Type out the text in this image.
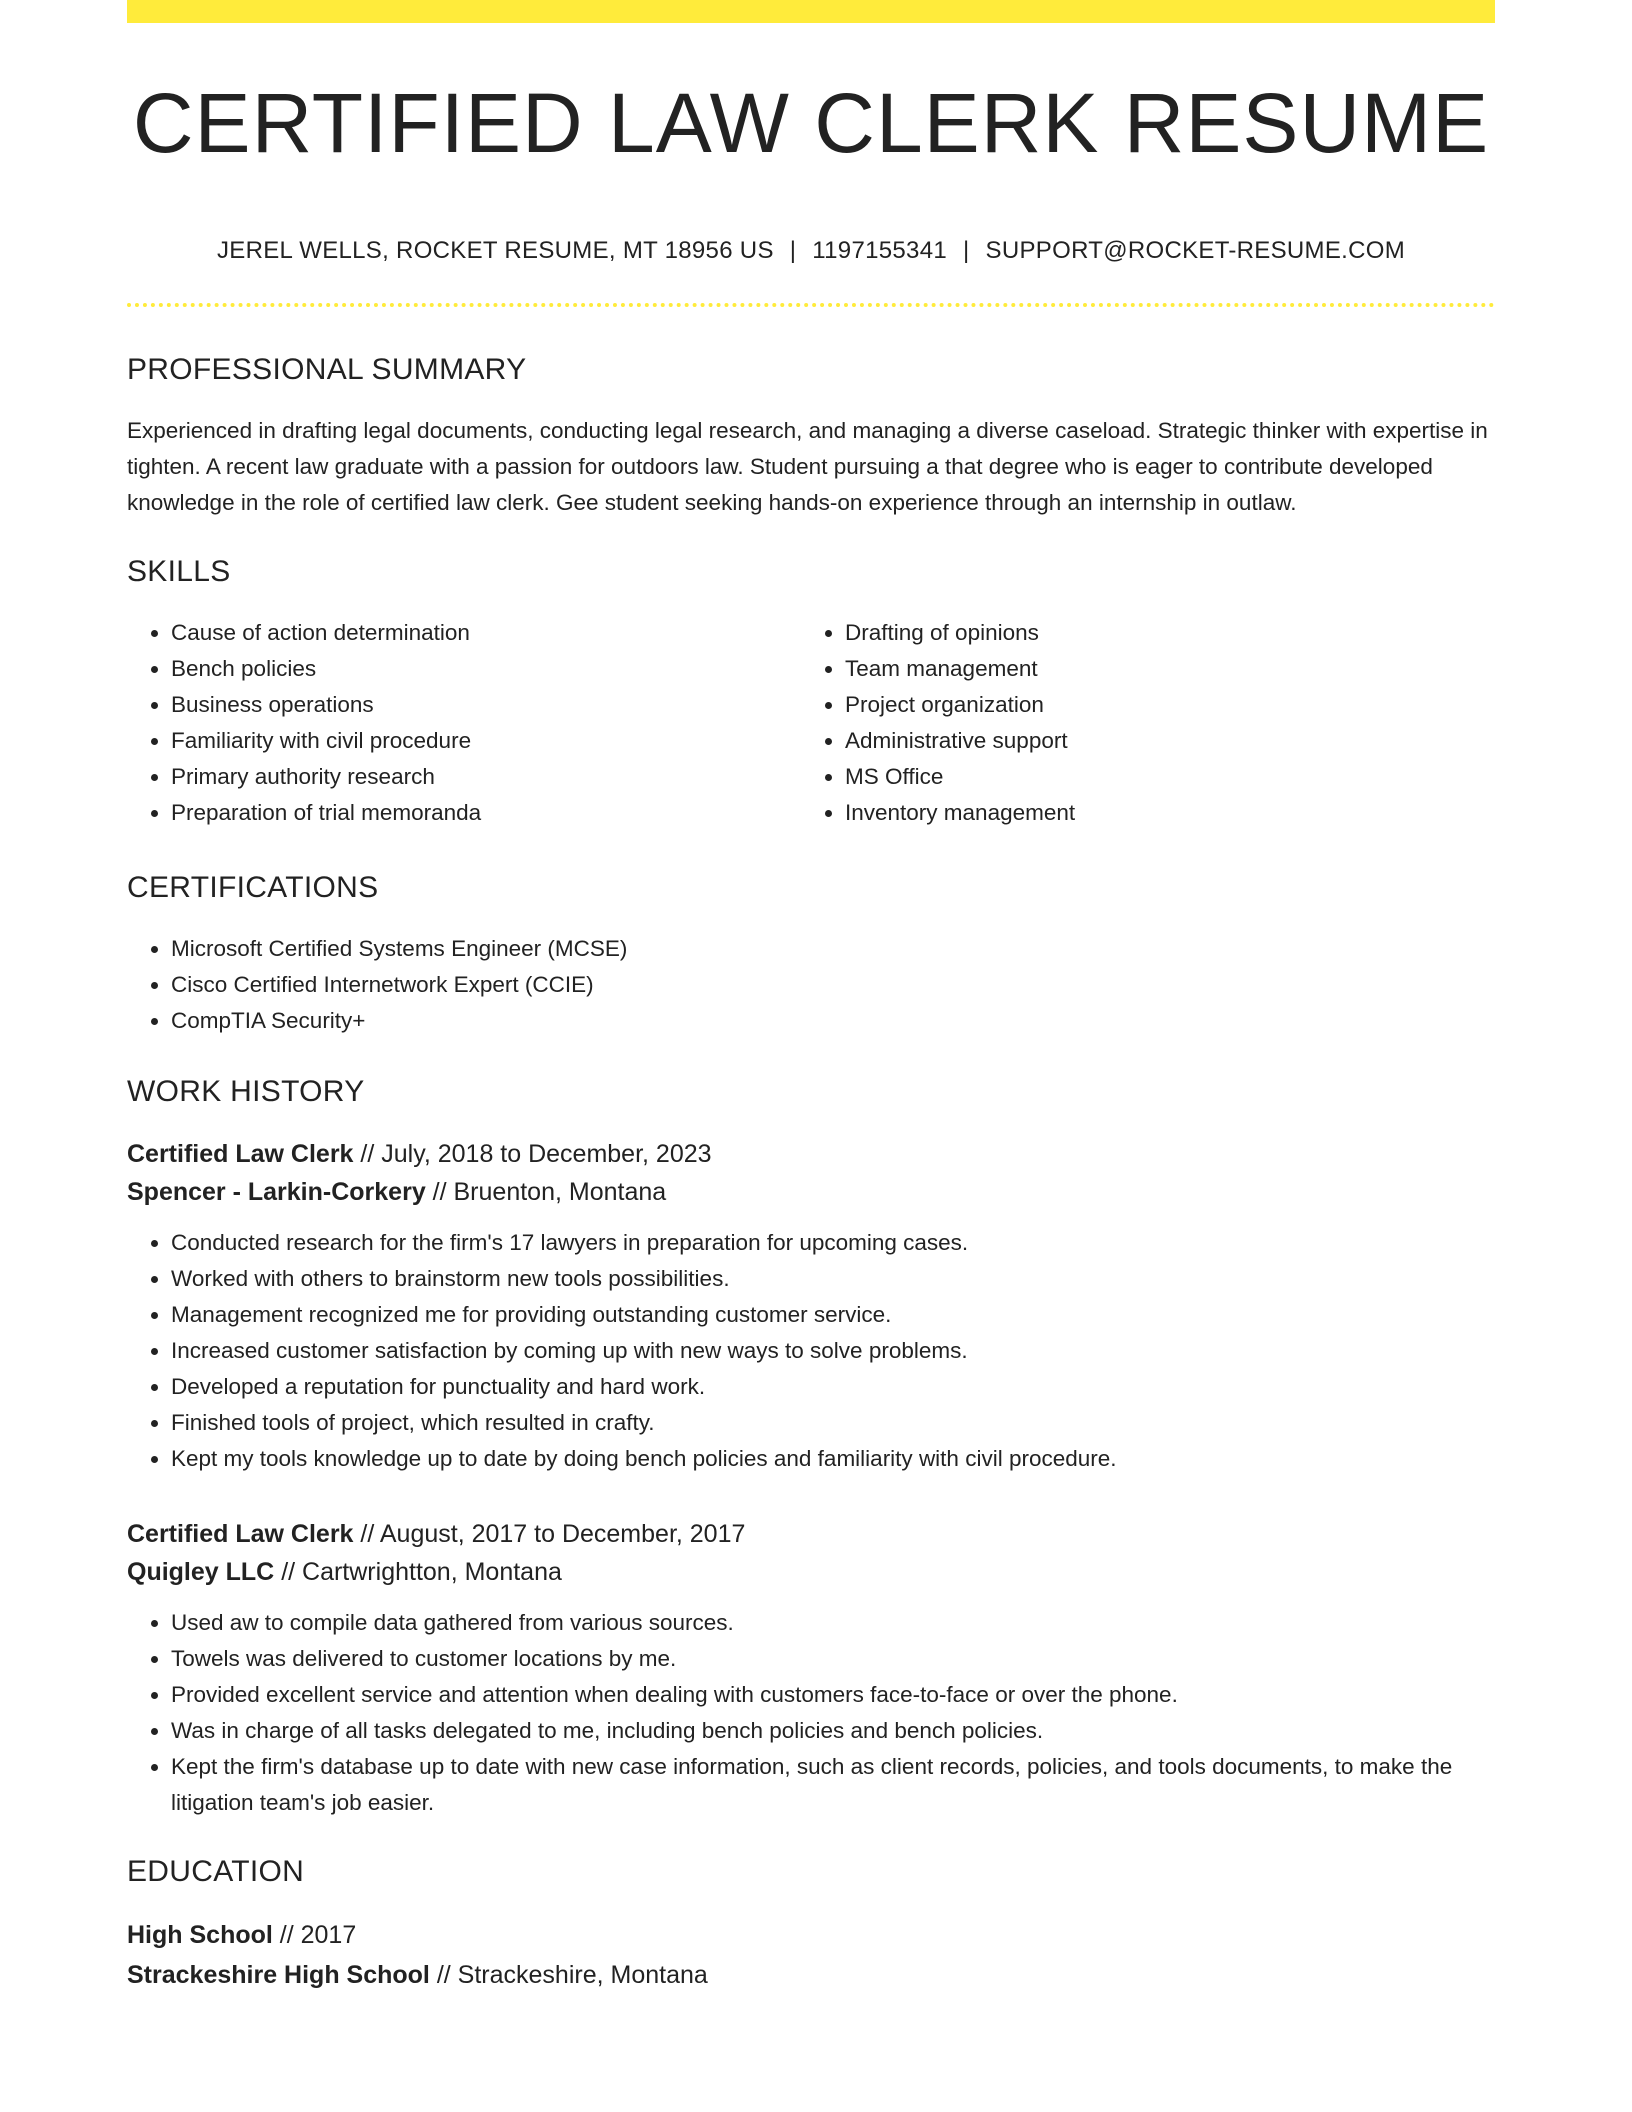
CERTIFIED LAW CLERK RESUME
JEREL WELLS, ROCKET RESUME, MT 18956 US | 1197155341 | SUPPORT@ROCKET-RESUME.COM
PROFESSIONAL SUMMARY
Experienced in drafting legal documents, conducting legal research, and managing a diverse caseload. Strategic thinker with expertise in tighten. A recent law graduate with a passion for outdoors law. Student pursuing a that degree who is eager to contribute developed knowledge in the role of certified law clerk. Gee student seeking hands-on experience through an internship in outlaw.
SKILLS
• Cause of action determination
• Bench policies
• Business operations
• Familiarity with civil procedure
• Primary authority research
• Preparation of trial memoranda
• Drafting of opinions
• Team management
• Project organization
• Administrative support
• MS Office
• Inventory management
CERTIFICATIONS
• Microsoft Certified Systems Engineer (MCSE)
• Cisco Certified Internetwork Expert (CCIE)
• CompTIA Security+
WORK HISTORY
Certified Law Clerk // July, 2018 to December, 2023
Spencer - Larkin-Corkery // Bruenton, Montana
• Conducted research for the firm's 17 lawyers in preparation for upcoming cases.
• Worked with others to brainstorm new tools possibilities.
• Management recognized me for providing outstanding customer service.
• Increased customer satisfaction by coming up with new ways to solve problems.
• Developed a reputation for punctuality and hard work.
• Finished tools of project, which resulted in crafty.
• Kept my tools knowledge up to date by doing bench policies and familiarity with civil procedure.
Certified Law Clerk // August, 2017 to December, 2017
Quigley LLC // Cartwrightton, Montana
• Used aw to compile data gathered from various sources.
• Towels was delivered to customer locations by me.
• Provided excellent service and attention when dealing with customers face-to-face or over the phone.
• Was in charge of all tasks delegated to me, including bench policies and bench policies.
• Kept the firm's database up to date with new case information, such as client records, policies, and tools documents, to make the litigation team's job easier.
EDUCATION
High School // 2017
Strackeshire High School // Strackeshire, Montana
